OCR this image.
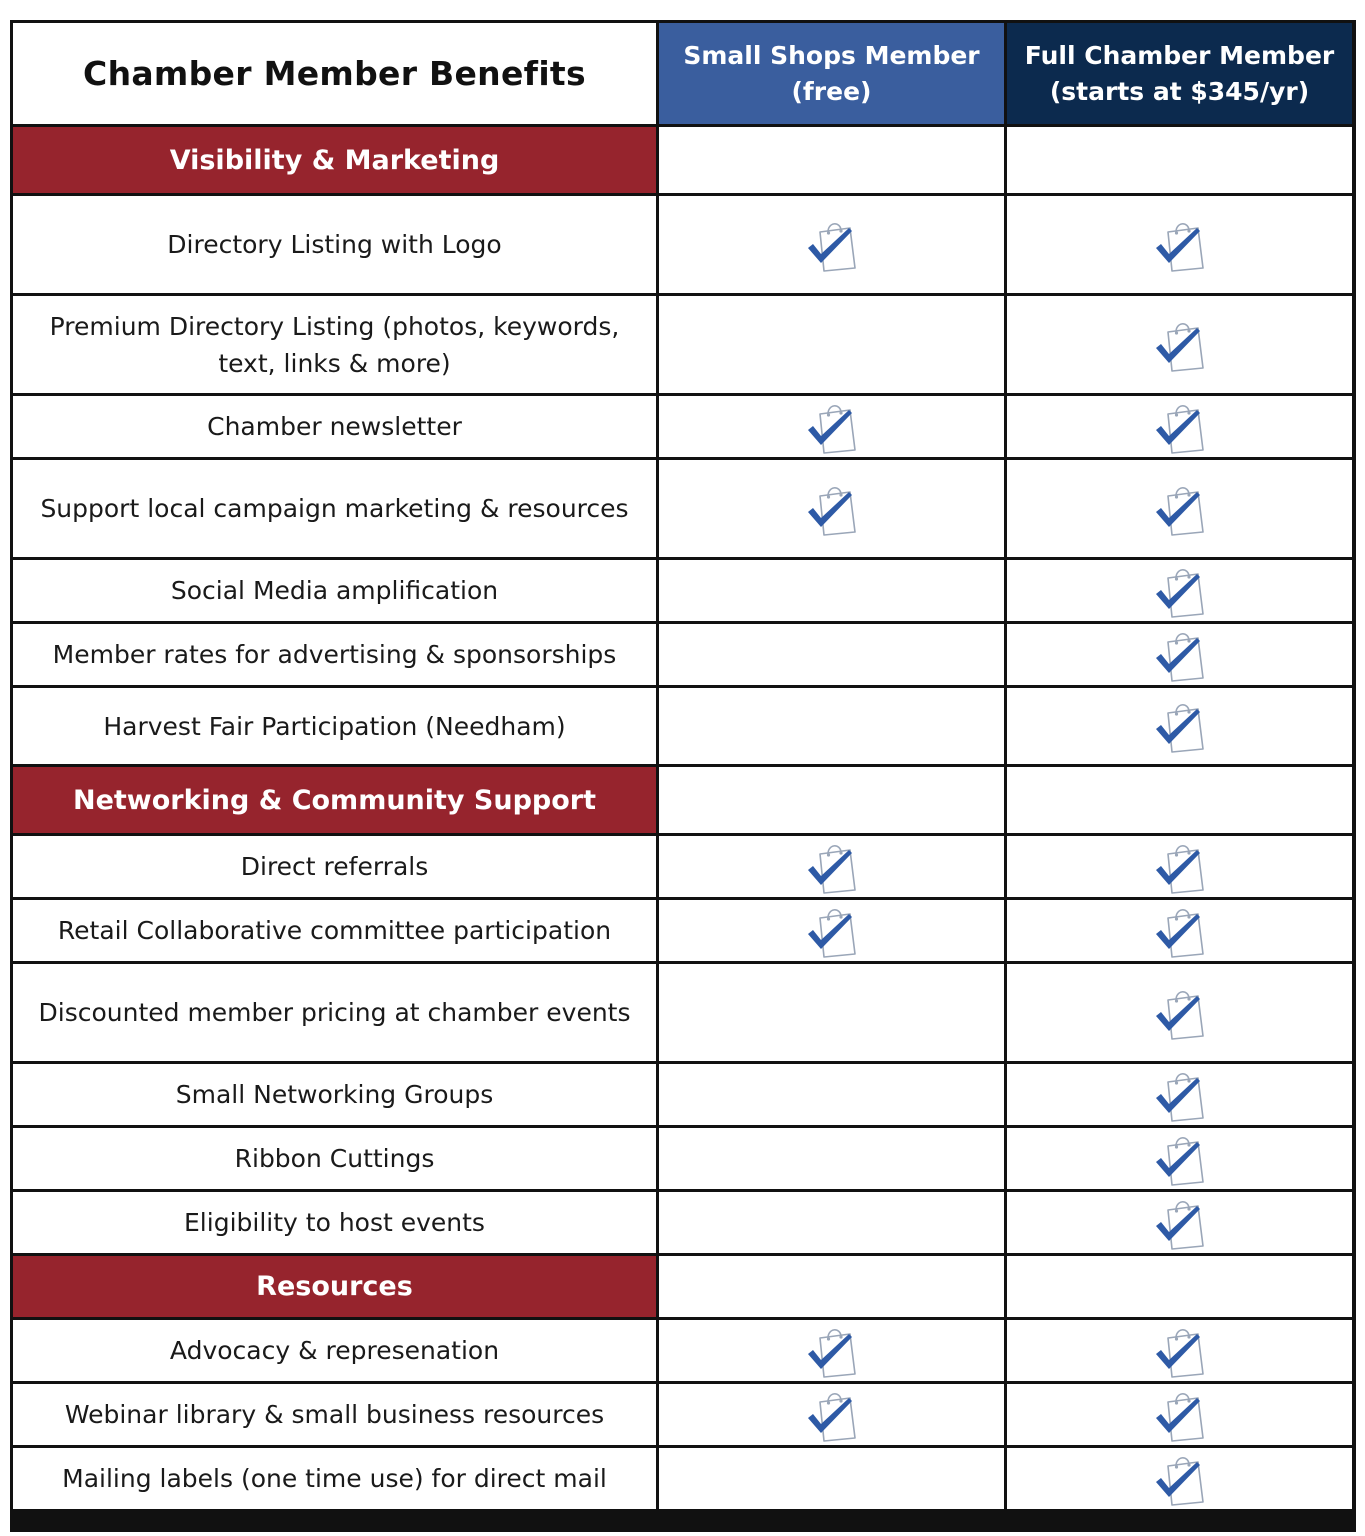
Chamber Member Benefits	Small Shops Member
(free)
Full Chamber Member
(starts at $345/yr)
Visibility & Marketing
Directory Listing with Logo
Premium Directory Listing (photos, keywords, text, links & more)
Chamber newsletter
Support local campaign marketing & resources
Social Media amplification
Member rates for advertising & sponsorships
Harvest Fair Participation (Needham)
Networking & Community Support
Direct referrals
Retail Collaborative committee participation
Discounted member pricing at chamber events
Small Networking Groups
Ribbon Cuttings
Eligibility to host events
Resources
Advocacy & represenation
Webinar library & small business resources
Mailing labels (one time use) for direct mail
